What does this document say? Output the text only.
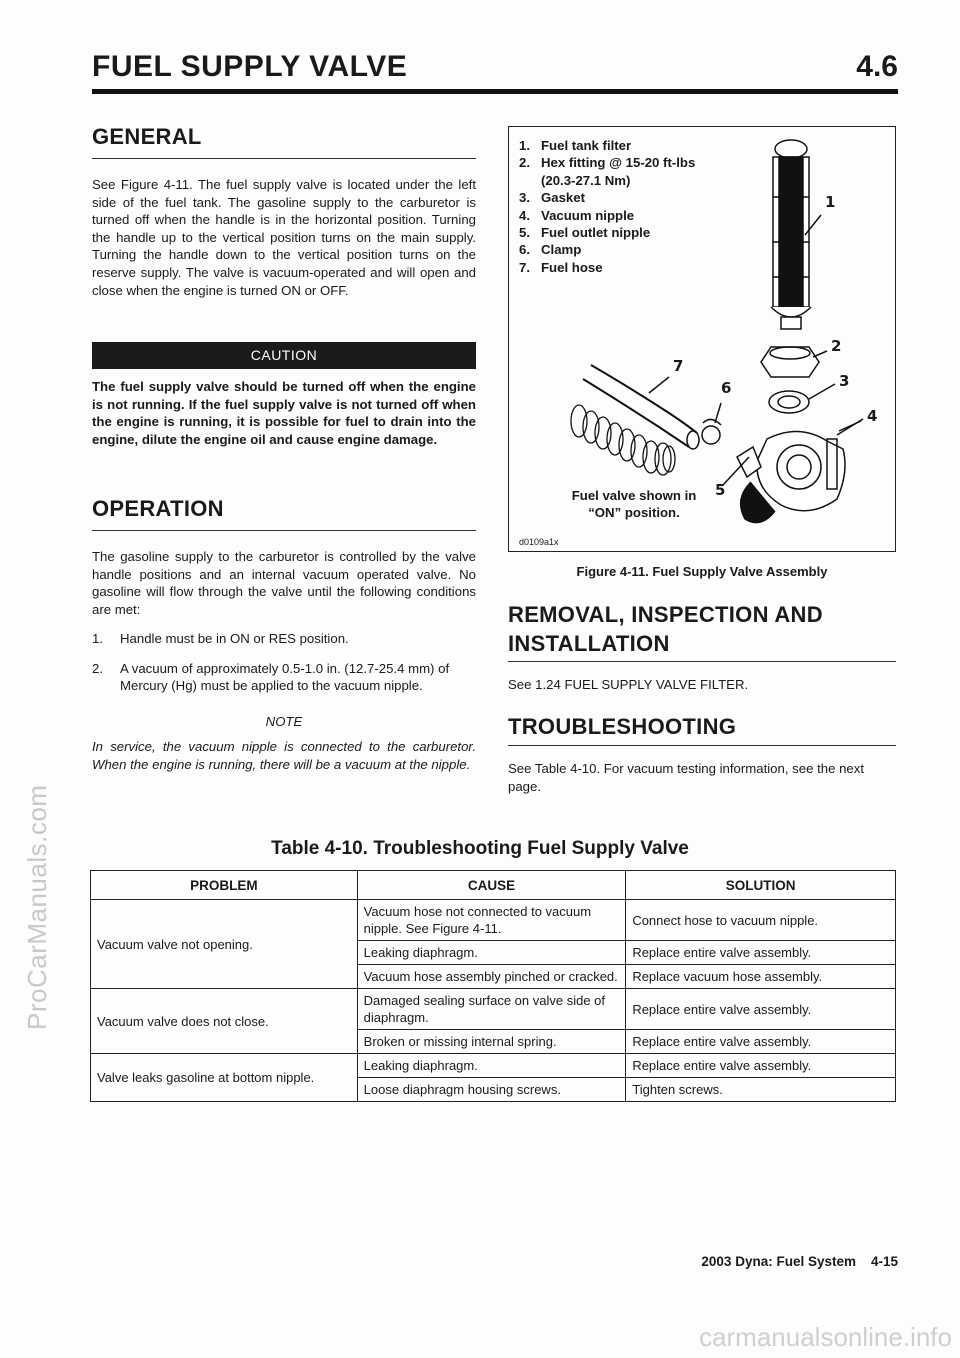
FUEL SUPPLY VALVE	4.6
GENERAL
See Figure 4-11. The fuel supply valve is located under the left side of the fuel tank. The gasoline supply to the carburetor is turned off when the handle is in the horizontal position. Turning the handle up to the vertical position turns on the main supply. Turning the handle down to the vertical position turns on the reserve supply. The valve is vacuum-operated and will open and close when the engine is turned ON or OFF.
CAUTION
The fuel supply valve should be turned off when the engine is not running. If the fuel supply valve is not turned off when the engine is running, it is possible for fuel to drain into the engine, dilute the engine oil and cause engine damage.
OPERATION
The gasoline supply to the carburetor is controlled by the valve handle positions and an internal vacuum operated valve. No gasoline will flow through the valve until the following conditions are met:
1. Handle must be in ON or RES position.
2. A vacuum of approximately 0.5-1.0 in. (12.7-25.4 mm) of Mercury (Hg) must be applied to the vacuum nipple.
NOTE
In service, the vacuum nipple is connected to the carburetor. When the engine is running, there will be a vacuum at the nipple.
1. Fuel tank filter
2. Hex fitting @ 15-20 ft-lbs
(20.3-27.1 Nm)
3. Gasket
4. Vacuum nipple
5. Fuel outlet nipple
6. Clamp
7. Fuel hose
1
2
3
4
5
6
7
Fuel valve shown in
“ON” position.
d0109a1x
Figure 4-11. Fuel Supply Valve Assembly
REMOVAL, INSPECTION AND
INSTALLATION
See 1.24 FUEL SUPPLY VALVE FILTER.
TROUBLESHOOTING
See Table 4-10. For vacuum testing information, see the next page.
Table 4-10. Troubleshooting Fuel Supply Valve
PROBLEM	CAUSE	SOLUTION
Vacuum valve not opening.	Vacuum hose not connected to vacuum nipple. See Figure 4-11.	Connect hose to vacuum nipple.
	Leaking diaphragm.	Replace entire valve assembly.
	Vacuum hose assembly pinched or cracked.	Replace vacuum hose assembly.
Vacuum valve does not close.	Damaged sealing surface on valve side of diaphragm.	Replace entire valve assembly.
	Broken or missing internal spring.	Replace entire valve assembly.
Valve leaks gasoline at bottom nipple.	Leaking diaphragm.	Replace entire valve assembly.
	Loose diaphragm housing screws.	Tighten screws.
2003 Dyna: Fuel System    4-15
ProCarManuals.com
carmanualsonline.info
